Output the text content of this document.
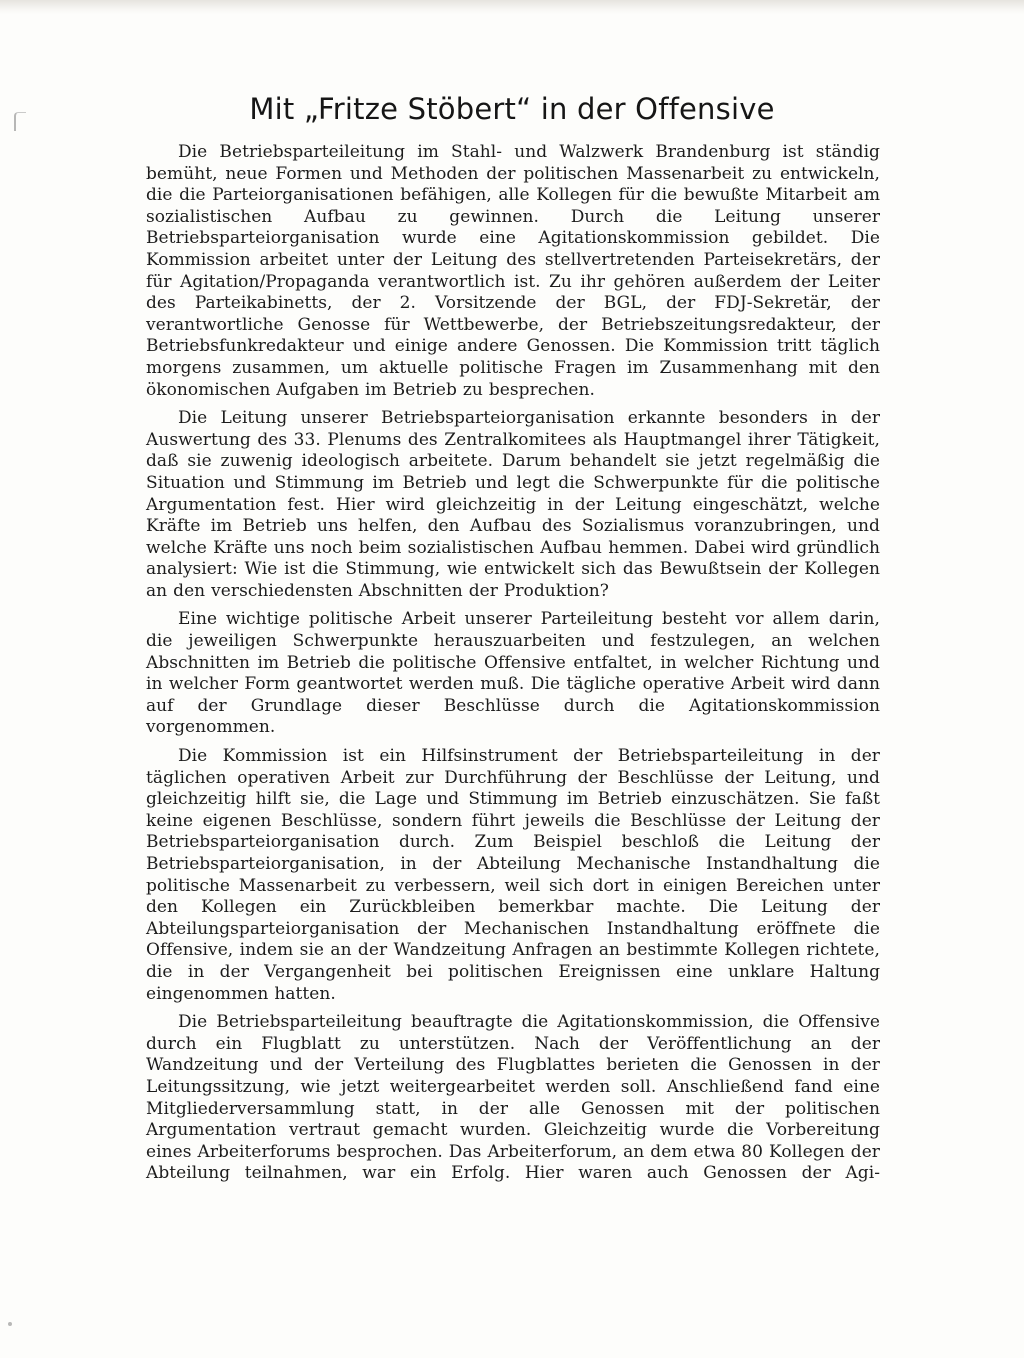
Mit „Fritze Stöbert“ in der Offensive

Die Betriebsparteileitung im Stahl- und Walzwerk Brandenburg ist ständig bemüht, neue Formen und Methoden der politischen Massenarbeit zu entwickeln, die die Parteiorganisationen befähigen, alle Kollegen für die bewußte Mitarbeit am sozialistischen Aufbau zu gewinnen. Durch die Leitung unserer Betriebsparteiorganisation wurde eine Agitationskommission gebildet. Die Kommission arbeitet unter der Leitung des stellvertretenden Parteisekretärs, der für Agitation/Propaganda verantwortlich ist. Zu ihr gehören außerdem der Leiter des Parteikabinetts, der 2. Vorsitzende der BGL, der FDJ-Sekretär, der verantwortliche Genosse für Wettbewerbe, der Betriebszeitungsredakteur, der Betriebsfunkredakteur und einige andere Genossen. Die Kommission tritt täglich morgens zusammen, um aktuelle politische Fragen im Zusammenhang mit den ökonomischen Aufgaben im Betrieb zu besprechen.

Die Leitung unserer Betriebsparteiorganisation erkannte besonders in der Auswertung des 33. Plenums des Zentralkomitees als Hauptmangel ihrer Tätigkeit, daß sie zuwenig ideologisch arbeitete. Darum behandelt sie jetzt regelmäßig die Situation und Stimmung im Betrieb und legt die Schwerpunkte für die politische Argumentation fest. Hier wird gleichzeitig in der Leitung eingeschätzt, welche Kräfte im Betrieb uns helfen, den Aufbau des Sozialismus voranzubringen, und welche Kräfte uns noch beim sozialistischen Aufbau hemmen. Dabei wird gründlich analysiert: Wie ist die Stimmung, wie entwickelt sich das Bewußtsein der Kollegen an den verschiedensten Abschnitten der Produktion?

Eine wichtige politische Arbeit unserer Parteileitung besteht vor allem darin, die jeweiligen Schwerpunkte herauszuarbeiten und festzulegen, an welchen Abschnitten im Betrieb die politische Offensive entfaltet, in welcher Richtung und in welcher Form geantwortet werden muß. Die tägliche operative Arbeit wird dann auf der Grundlage dieser Beschlüsse durch die Agitationskommission vorgenommen.

Die Kommission ist ein Hilfsinstrument der Betriebsparteileitung in der täglichen operativen Arbeit zur Durchführung der Beschlüsse der Leitung, und gleichzeitig hilft sie, die Lage und Stimmung im Betrieb einzuschätzen. Sie faßt keine eigenen Beschlüsse, sondern führt jeweils die Beschlüsse der Leitung der Betriebsparteiorganisation durch. Zum Beispiel beschloß die Leitung der Betriebsparteiorganisation, in der Abteilung Mechanische Instandhaltung die politische Massenarbeit zu verbessern, weil sich dort in einigen Bereichen unter den Kollegen ein Zurückbleiben bemerkbar machte. Die Leitung der Abteilungsparteiorganisation der Mechanischen Instandhaltung eröffnete die Offensive, indem sie an der Wandzeitung Anfragen an bestimmte Kollegen richtete, die in der Vergangenheit bei politischen Ereignissen eine unklare Haltung eingenommen hatten.

Die Betriebsparteileitung beauftragte die Agitationskommission, die Offensive durch ein Flugblatt zu unterstützen. Nach der Veröffentlichung an der Wandzeitung und der Verteilung des Flugblattes berieten die Genossen in der Leitungssitzung, wie jetzt weitergearbeitet werden soll. Anschließend fand eine Mitgliederversammlung statt, in der alle Genossen mit der politischen Argumentation vertraut gemacht wurden. Gleichzeitig wurde die Vorbereitung eines Arbeiterforums besprochen. Das Arbeiterforum, an dem etwa 80 Kollegen der Abteilung teilnahmen, war ein Erfolg. Hier waren auch Genossen der Agi-
